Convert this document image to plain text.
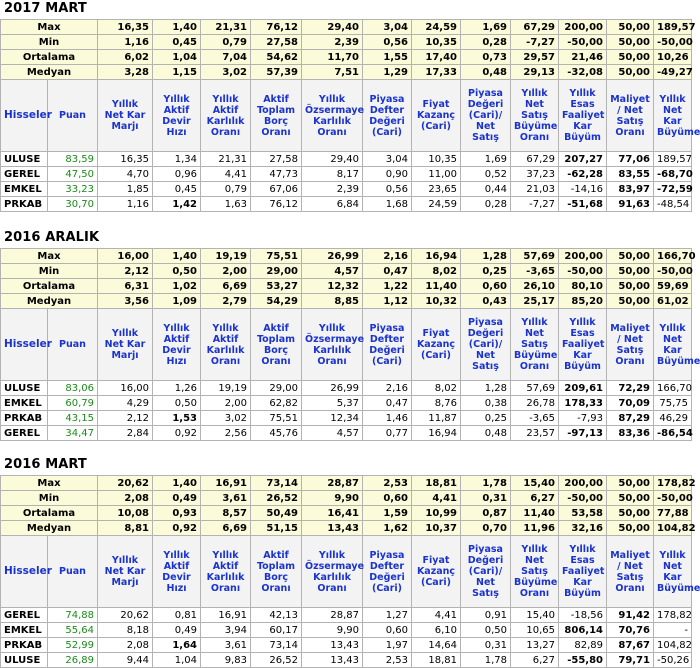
2017 MART
Max		16,35	1,40	21,31	76,12	29,40	3,04	24,59	1,69	67,29	200,00	50,00	189,57
Min		1,16	0,45	0,79	27,58	2,39	0,56	10,35	0,28	-7,27	-50,00	50,00	-50,00
Ortalama		6,02	1,04	7,04	54,62	11,70	1,55	17,40	0,73	29,57	21,46	50,00	10,26
Medyan		3,28	1,15	3,02	57,39	7,51	1,29	17,33	0,48	29,13	-32,08	50,00	-49,27
Hisseler	Puan	Yıllık Net Kar Marjı	Yıllık Aktif Devir Hızı	Yıllık Aktif Karlılık Oranı	Aktif Toplam Borç Oranı	Yıllık Özsermaye Karlılık Oranı	Piyasa Defter Değeri (Cari)	Fiyat Kazanç (Cari)	Piyasa Değeri (Cari)/ Net Satış	Yıllık Net Satış Büyüme Oranı	Yıllık Esas Faaliyet Kar Büyüm	Maliyet / Net Satış Oranı	Yıllık Net Kar Büyüme
ULUSE	83,59	16,35	1,34	21,31	27,58	29,40	3,04	10,35	1,69	67,29	207,27	77,06	189,57
GEREL	47,50	4,70	0,96	4,41	47,73	8,17	0,90	11,00	0,52	37,23	-62,28	83,55	-68,70
EMKEL	33,23	1,85	0,45	0,79	67,06	2,39	0,56	23,65	0,44	21,03	-14,16	83,97	-72,59
PRKAB	30,70	1,16	1,42	1,63	76,12	6,84	1,68	24,59	0,28	-7,27	-51,68	91,63	-48,54
2016 ARALIK
Max		16,00	1,40	19,19	75,51	26,99	2,16	16,94	1,28	57,69	200,00	50,00	166,70
Min		2,12	0,50	2,00	29,00	4,57	0,47	8,02	0,25	-3,65	-50,00	50,00	-50,00
Ortalama		6,31	1,02	6,69	53,27	12,32	1,22	11,40	0,60	26,10	80,10	50,00	59,69
Medyan		3,56	1,09	2,79	54,29	8,85	1,12	10,32	0,43	25,17	85,20	50,00	61,02
Hisseler	Puan	Yıllık Net Kar Marjı	Yıllık Aktif Devir Hızı	Yıllık Aktif Karlılık Oranı	Aktif Toplam Borç Oranı	Yıllık Özsermaye Karlılık Oranı	Piyasa Defter Değeri (Cari)	Fiyat Kazanç (Cari)	Piyasa Değeri (Cari)/ Net Satış	Yıllık Net Satış Büyüme Oranı	Yıllık Esas Faaliyet Kar Büyüm	Maliyet / Net Satış Oranı	Yıllık Net Kar Büyüme
ULUSE	83,06	16,00	1,26	19,19	29,00	26,99	2,16	8,02	1,28	57,69	209,61	72,29	166,70
EMKEL	60,79	4,29	0,50	2,00	62,82	5,37	0,47	8,76	0,38	26,78	178,33	70,09	75,75
PRKAB	43,15	2,12	1,53	3,02	75,51	12,34	1,46	11,87	0,25	-3,65	-7,93	87,29	46,29
GEREL	34,47	2,84	0,92	2,56	45,76	4,57	0,77	16,94	0,48	23,57	-97,13	83,36	-86,54
2016 MART
Max		20,62	1,40	16,91	73,14	28,87	2,53	18,81	1,78	15,40	200,00	50,00	178,82
Min		2,08	0,49	3,61	26,52	9,90	0,60	4,41	0,31	6,27	-50,00	50,00	-50,00
Ortalama		10,08	0,93	8,57	50,49	16,41	1,59	10,99	0,87	11,40	53,58	50,00	77,88
Medyan		8,81	0,92	6,69	51,15	13,43	1,62	10,37	0,70	11,96	32,16	50,00	104,82
Hisseler	Puan	Yıllık Net Kar Marjı	Yıllık Aktif Devir Hızı	Yıllık Aktif Karlılık Oranı	Aktif Toplam Borç Oranı	Yıllık Özsermaye Karlılık Oranı	Piyasa Defter Değeri (Cari)	Fiyat Kazanç (Cari)	Piyasa Değeri (Cari)/ Net Satış	Yıllık Net Satış Büyüme Oranı	Yıllık Esas Faaliyet Kar Büyüm	Maliyet / Net Satış Oranı	Yıllık Net Kar Büyüme
GEREL	74,88	20,62	0,81	16,91	42,13	28,87	1,27	4,41	0,91	15,40	-18,56	91,42	178,82
EMKEL	55,64	8,18	0,49	3,94	60,17	9,90	0,60	6,10	0,50	10,65	806,14	70,76	-
PRKAB	52,99	2,08	1,64	3,61	73,14	13,43	1,97	14,64	0,31	13,27	82,89	87,67	104,82
ULUSE	26,89	9,44	1,04	9,83	26,52	13,43	2,53	18,81	1,78	6,27	-55,80	79,71	-50,26
